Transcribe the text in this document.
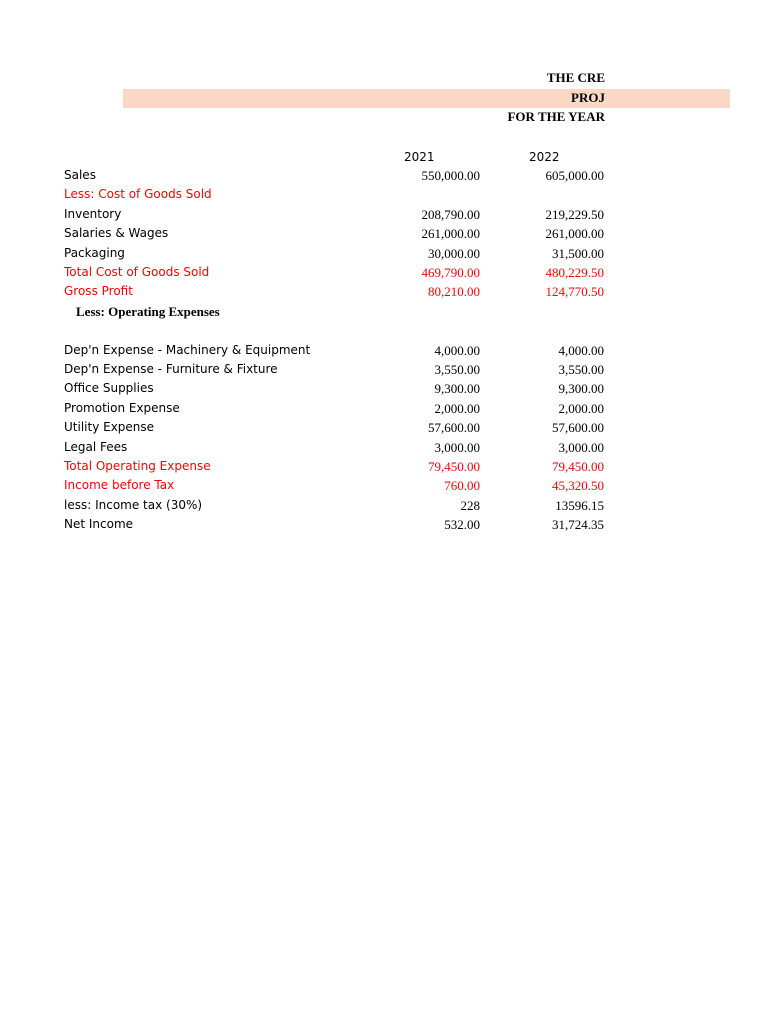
THE CRE
PROJ
FOR THE YEAR
2021	2022
Sales	550,000.00	605,000.00
Less: Cost of Goods Sold
Inventory	208,790.00	219,229.50
Salaries & Wages	261,000.00	261,000.00
Packaging	30,000.00	31,500.00
Total Cost of Goods Sold	469,790.00	480,229.50
Gross Profit	80,210.00	124,770.50
Less: Operating Expenses
Dep'n Expense - Machinery & Equipment	4,000.00	4,000.00
Dep'n Expense - Furniture & Fixture	3,550.00	3,550.00
Office Supplies	9,300.00	9,300.00
Promotion Expense	2,000.00	2,000.00
Utility Expense	57,600.00	57,600.00
Legal Fees	3,000.00	3,000.00
Total Operating Expense	79,450.00	79,450.00
Income before Tax	760.00	45,320.50
less: Income tax (30%)	228	13596.15
Net Income	532.00	31,724.35
